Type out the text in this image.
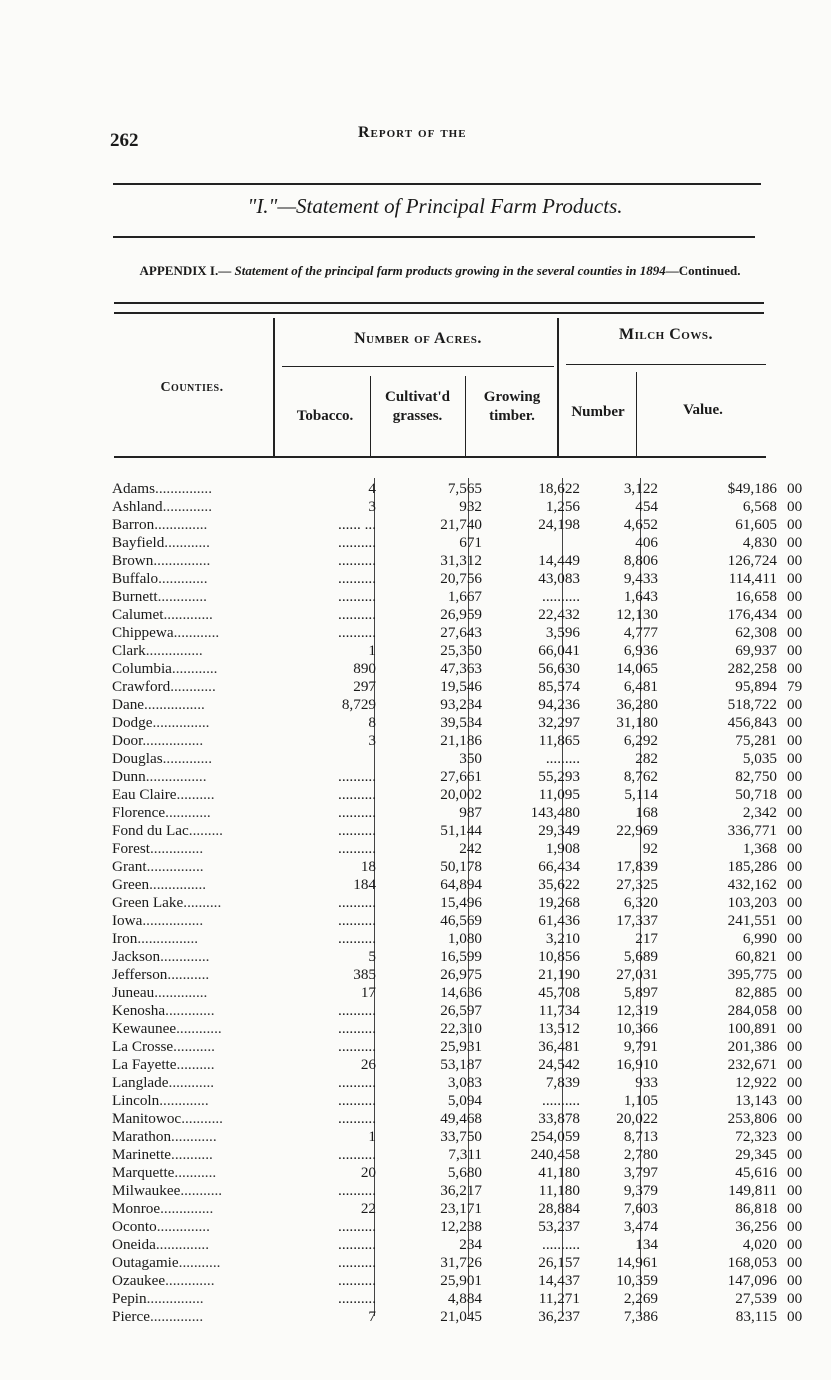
262	Report of the
"I."—Statement of Principal Farm Products.
APPENDIX I.— Statement of the principal farm products growing in the several counties in 1894—Continued.
Number of Acres.	Milch Cows.
Counties.
Tobacco.
Cultivat'd grasses.
Growing timber.	Number	Value.
Adams...............	4	7,565	18,622	3,122	$49,186	00
Ashland.............	3	932	1,256	454	6,568	00
Barron..............	...... ...	21,740	24,198	4,652	61,605	00
Bayfield............	..........	671		406	4,830	00
Brown...............	..........	31,312	14,449	8,806	126,724	00
Buffalo.............	..........	20,756	43,083	9,433	114,411	00
Burnett.............	..........	1,667	..........	1,643	16,658	00
Calumet.............	..........	26,959	22,432	12,130	176,434	00
Chippewa............	..........	27,643	3,596	4,777	62,308	00
Clark...............	1	25,350	66,041	6,936	69,937	00
Columbia............	890	47,363	56,630	14,065	282,258	00
Crawford............	297	19,546	85,574	6,481	95,894	79
Dane................	8,729	93,234	94,236	36,280	518,722	00
Dodge...............	8	39,534	32,297	31,180	456,843	00
Door................	3	21,186	11,865	6,292	75,281	00
Douglas.............		350	.........	282	5,035	00
Dunn................	..........	27,661	55,293	8,762	82,750	00
Eau Claire..........	..........	20,002	11,095	5,114	50,718	00
Florence............	..........	987	143,480	168	2,342	00
Fond du Lac.........	..........	51,144	29,349	22,969	336,771	00
Forest..............	..........	242	1,908	92	1,368	00
Grant...............	18	50,178	66,434	17,839	185,286	00
Green...............	184	64,894	35,622	27,325	432,162	00
Green Lake..........	..........	15,496	19,268	6,320	103,203	00
Iowa................	..........	46,569	61,436	17,337	241,551	00
Iron................	..........	1,080	3,210	217	6,990	00
Jackson.............	5	16,599	10,856	5,689	60,821	00
Jefferson...........	385	26,975	21,190	27,031	395,775	00
Juneau..............	17	14,636	45,708	5,897	82,885	00
Kenosha.............	..........	26,597	11,734	12,319	284,058	00
Kewaunee............	..........	22,310	13,512	10,366	100,891	00
La Crosse...........	..........	25,931	36,481	9,791	201,386	00
La Fayette..........	26	53,187	24,542	16,910	232,671	00
Langlade............	..........	3,083	7,839	933	12,922	00
Lincoln.............	..........	5,094	..........	1,105	13,143	00
Manitowoc...........	..........	49,468	33,878	20,022	253,806	00
Marathon............	1	33,750	254,059	8,713	72,323	00
Marinette...........	..........	7,311	240,458	2,780	29,345	00
Marquette...........	20	5,680	41,180	3,797	45,616	00
Milwaukee...........	..........	36,217	11,180	9,379	149,811	00
Monroe..............	22	23,171	28,884	7,603	86,818	00
Oconto..............	..........	12,238	53,237	3,474	36,256	00
Oneida..............	..........	234	..........	134	4,020	00
Outagamie...........	..........	31,726	26,157	14,961	168,053	00
Ozaukee.............	..........	25,901	14,437	10,359	147,096	00
Pepin...............	..........	4,884	11,271	2,269	27,539	00
Pierce..............	7	21,045	36,237	7,386	83,115	00
